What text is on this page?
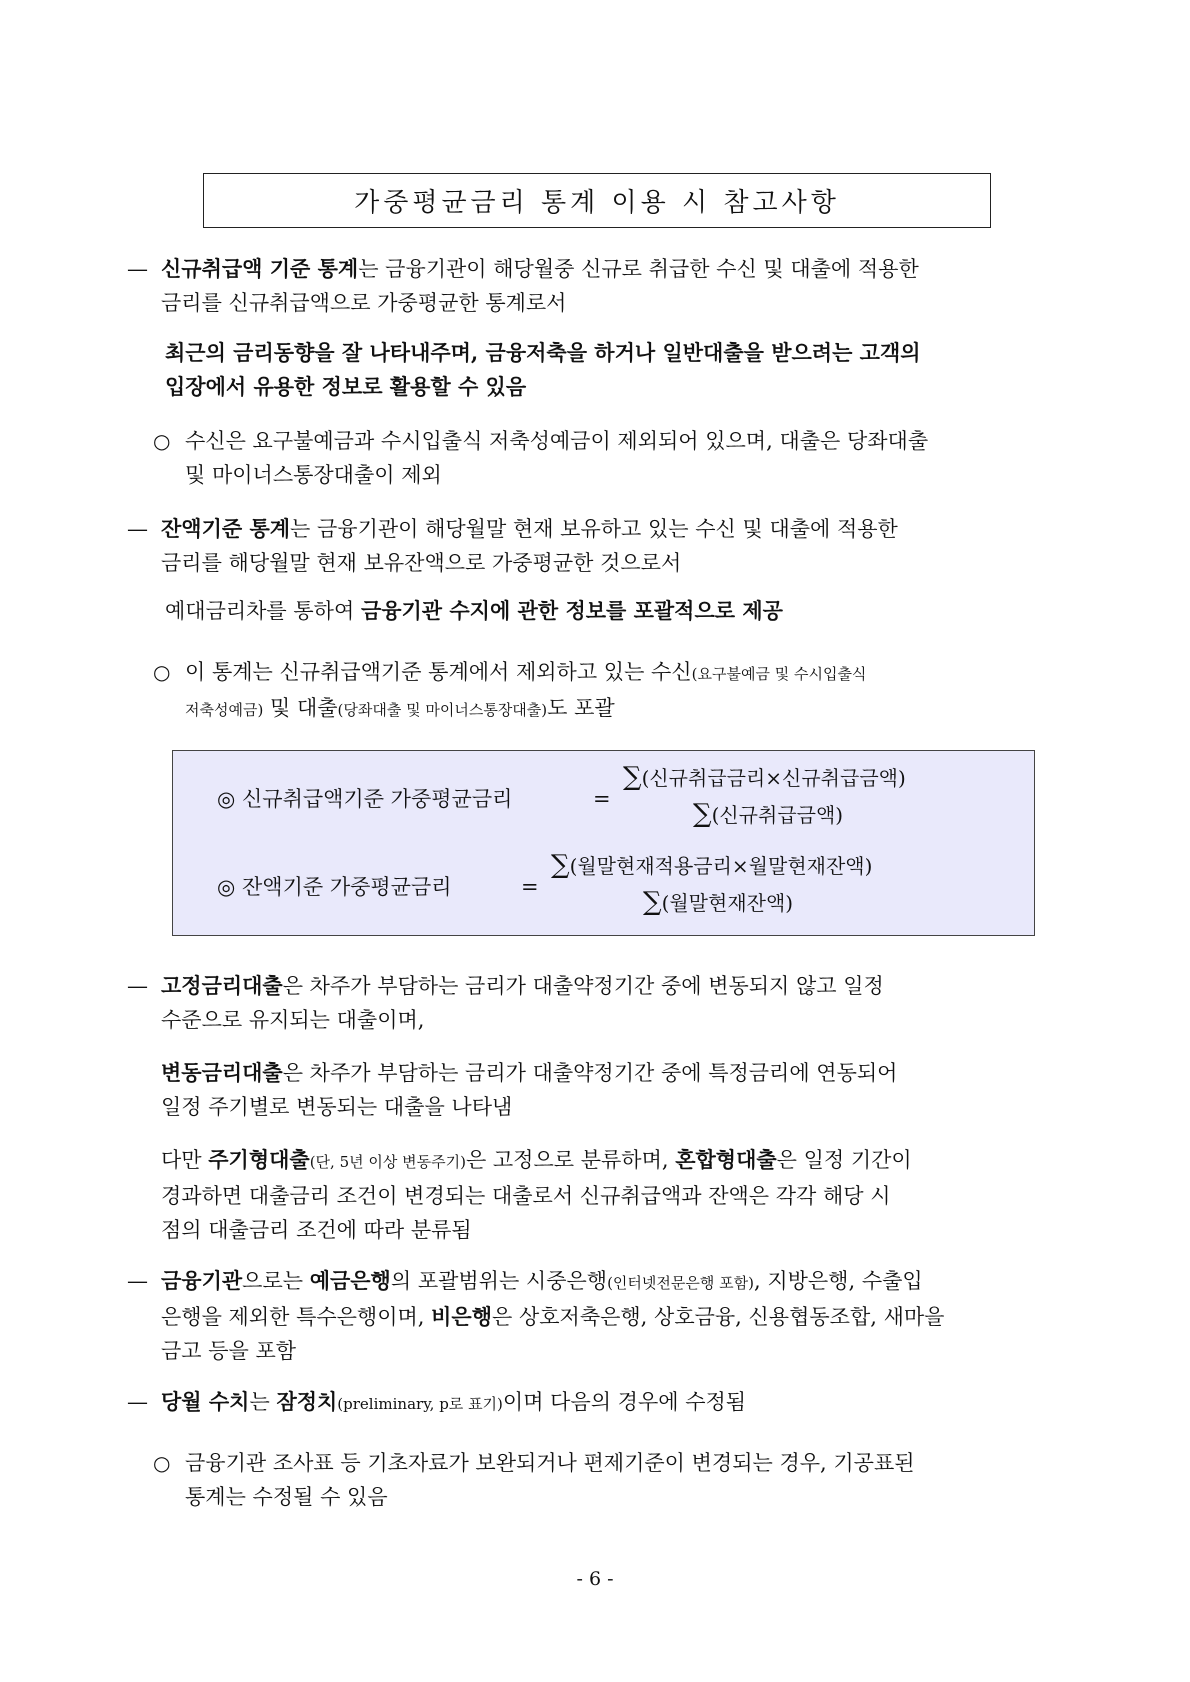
가중평균금리 통계 이용 시 참고사항
— 신규취급액 기준 통계는 금융기관이 해당월중 신규로 취급한 수신 및 대출에 적용한
금리를 신규취급액으로 가중평균한 통계로서
최근의 금리동향을 잘 나타내주며, 금융저축을 하거나 일반대출을 받으려는 고객의
입장에서 유용한 정보로 활용할 수 있음
○ 수신은 요구불예금과 수시입출식 저축성예금이 제외되어 있으며, 대출은 당좌대출
및 마이너스통장대출이 제외
— 잔액기준 통계는 금융기관이 해당월말 현재 보유하고 있는 수신 및 대출에 적용한
금리를 해당월말 현재 보유잔액으로 가중평균한 것으로서
예대금리차를 통하여 금융기관 수지에 관한 정보를 포괄적으로 제공
○ 이 통계는 신규취급액기준 통계에서 제외하고 있는 수신(요구불예금 및 수시입출식
저축성예금) 및 대출(당좌대출 및 마이너스통장대출)도 포괄
◎ 신규취급액기준 가중평균금리	=
∑(신규취급금리×신규취급금액)
∑(신규취급금액)
◎ 잔액기준 가중평균금리	=
∑(월말현재적용금리×월말현재잔액)
∑(월말현재잔액)
— 고정금리대출은 차주가 부담하는 금리가 대출약정기간 중에 변동되지 않고 일정
수준으로 유지되는 대출이며,
변동금리대출은 차주가 부담하는 금리가 대출약정기간 중에 특정금리에 연동되어
일정 주기별로 변동되는 대출을 나타냄
다만 주기형대출(단, 5년 이상 변동주기)은 고정으로 분류하며, 혼합형대출은 일정 기간이
경과하면 대출금리 조건이 변경되는 대출로서 신규취급액과 잔액은 각각 해당 시
점의 대출금리 조건에 따라 분류됨
— 금융기관으로는 예금은행의 포괄범위는 시중은행(인터넷전문은행 포함), 지방은행, 수출입
은행을 제외한 특수은행이며, 비은행은 상호저축은행, 상호금융, 신용협동조합, 새마을
금고 등을 포함
— 당월 수치는 잠정치(preliminary, p로 표기)이며 다음의 경우에 수정됨
○ 금융기관 조사표 등 기초자료가 보완되거나 편제기준이 변경되는 경우, 기공표된
통계는 수정될 수 있음
- 6 -
